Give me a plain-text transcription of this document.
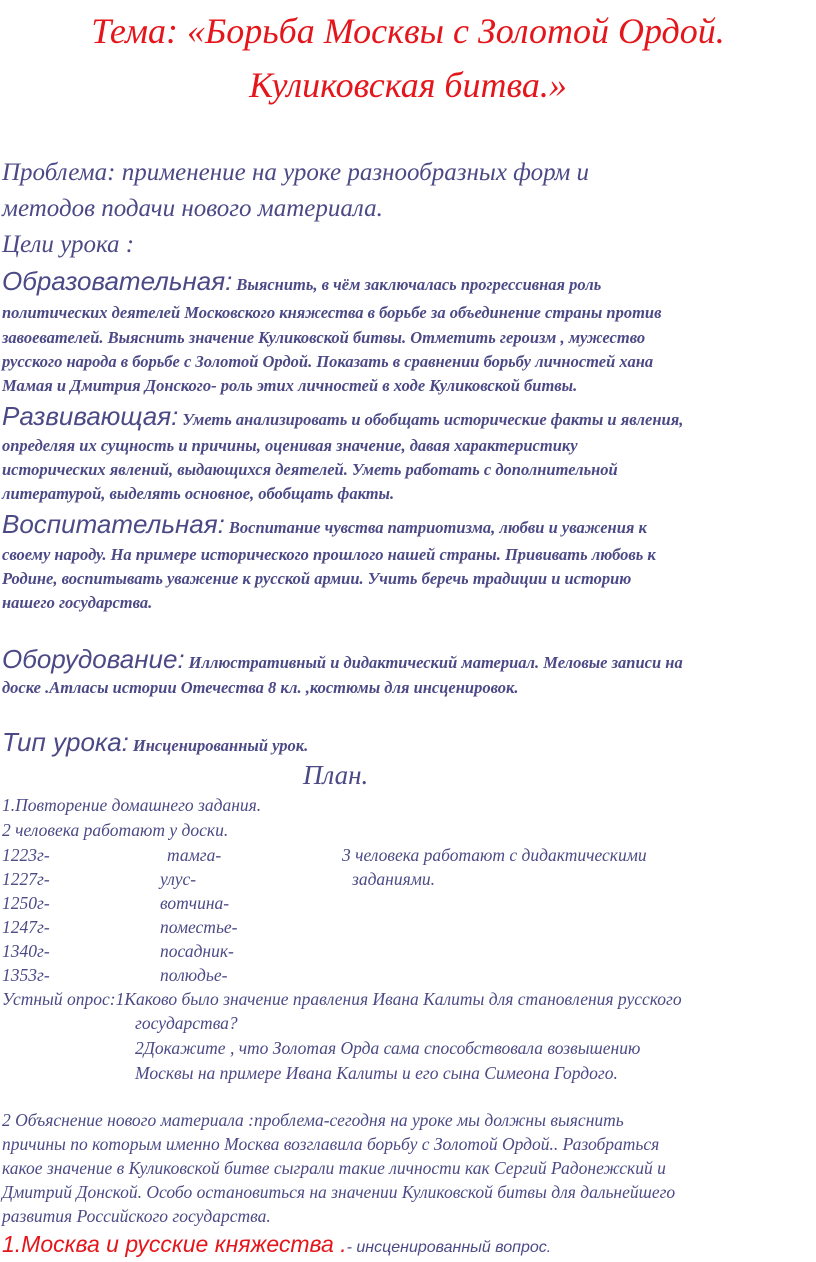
Тема: «Борьба Москвы с Золотой Ордой.
Куликовская битва.»
Проблема: применение на уроке разнообразных форм и
методов подачи нового материала.
Цели урока :
Образовательная: Выяснить, в чём заключалась прогрессивная роль
политических деятелей Московского княжества в борьбе за объединение страны против
завоевателей. Выяснить значение Куликовской битвы. Отметить героизм , мужество
русского народа в борьбе с Золотой Ордой. Показать в сравнении борьбу личностей хана
Мамая и Дмитрия Донского- роль этих личностей в ходе Куликовской битвы.
Развивающая: Уметь анализировать и обобщать исторические факты и явления,
определяя их сущность и причины, оценивая значение, давая характеристику
исторических явлений, выдающихся деятелей. Уметь работать с дополнительной
литературой, выделять основное, обобщать факты.
Воспитательная: Воспитание чувства патриотизма, любви и уважения к
своему народу. На примере исторического прошлого нашей страны. Прививать любовь к
Родине, воспитывать уважение к русской армии. Учить беречь традиции и историю
нашего государства.
Оборудование: Иллюстративный и дидактический материал. Меловые записи на
доске .Атласы истории Отечества 8 кл. ,костюмы для инсценировок.
Тип урока: Инсценированный урок.
План.
1.Повторение домашнего задания.
2 человека работают у доски.
1223г-	тамга-
1227г-	улус-
1250г-	вотчина-
1247г-	поместье-
1340г-	посадник-
1353г-	полюдье-
3 человека работают с дидактическими
заданиями.
Устный опрос:1Каково было значение правления Ивана Калиты для становления русского
государства?
2Докажите , что Золотая Орда сама способствовала возвышению
Москвы на примере Ивана Калиты и его сына Симеона Гордого.
2 Объяснение нового материала :проблема-сегодня на уроке мы должны выяснить
причины по которым именно Москва возглавила борьбу с Золотой Ордой.. Разобраться
какое значение в Куликовской битве сыграли такие личности как Сергий Радонежский и
Дмитрий Донской. Особо остановиться на значении Куликовской битвы для дальнейшего
развития Российского государства.
1.Москва и русские княжества .- инсценированный вопрос.
